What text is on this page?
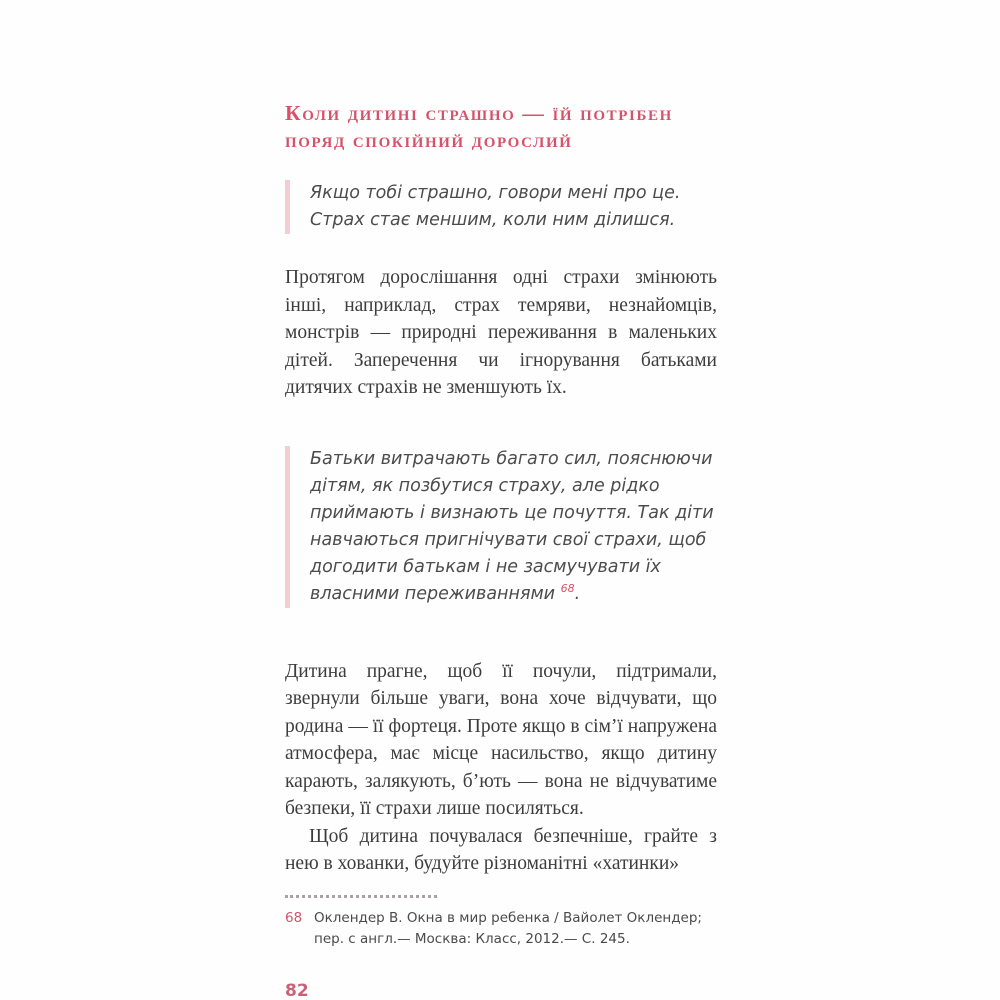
Коли дитині страшно — їй потрібен поряд спокійний дорослий
Якщо тобі страшно, говори мені про це. Страх стає меншим, коли ним ділишся.

Протягом дорослішання одні страхи змінюють інші, наприклад, страх темряви, незнайомців, монстрів — природні переживання в маленьких дітей. Заперечення чи ігнорування батьками дитячих страхів не зменшують їх.

Батьки витрачають багато сил, пояснюючи дітям, як позбутися страху, але рідко приймають і визнають це почуття. Так діти навчаються пригнічувати свої страхи, щоб догодити батькам і не засмучувати їх власними переживаннями $^{68}$.

Дитина прагне, щоб її почули, підтримали, звернули більше уваги, вона хоче відчувати, що родина — її фортеця. Проте якщо в сім’ї напружена атмосфера, має місце насильство, якщо дитину карають, залякують, б’ють — вона не відчуватиме безпеки, її страхи лише посиляться.

Щоб дитина почувалася безпечніше, грайте з нею в хованки, будуйте різноманітні «хатинки»

68 Оклендер В. Окна в мир ребенка / Вайолет Оклендер; пер. с англ.— Москва: Класс, 2012.— С. 245.

82
